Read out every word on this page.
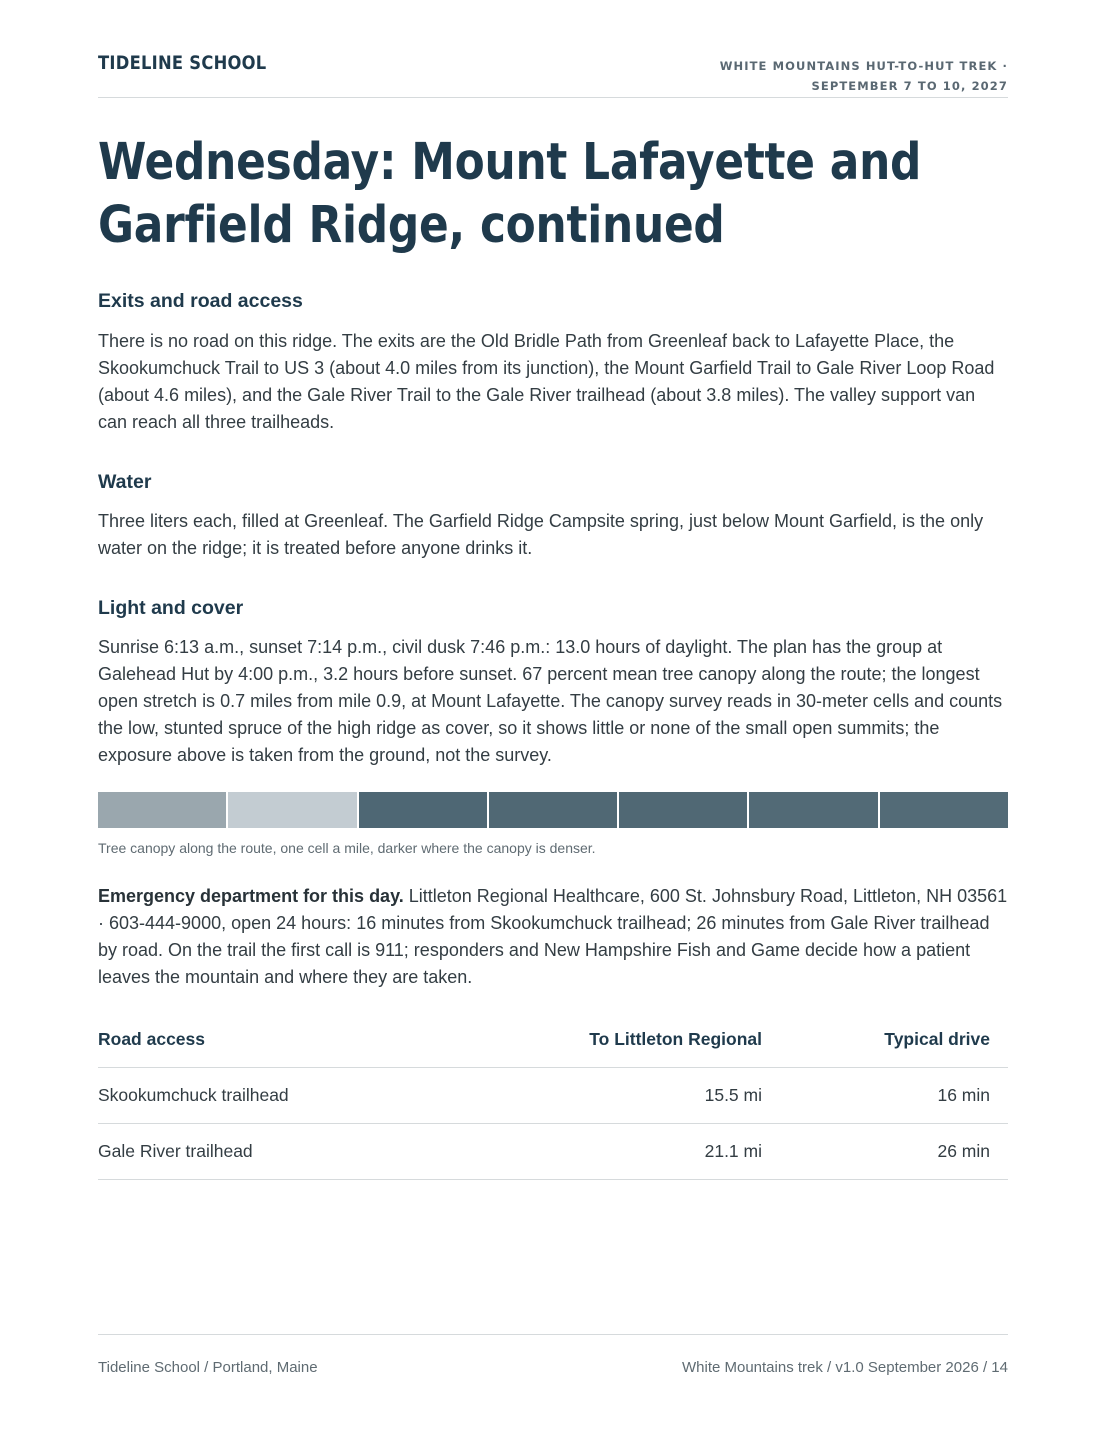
TIDELINE SCHOOL	WHITE MOUNTAINS HUT-TO-HUT TREK ·
SEPTEMBER 7 TO 10, 2027
Wednesday: Mount Lafayette and Garfield Ridge, continued
Exits and road access

There is no road on this ridge. The exits are the Old Bridle Path from Greenleaf back to Lafayette Place, the Skookumchuck Trail to US 3 (about 4.0 miles from its junction), the Mount Garfield Trail to Gale River Loop Road (about 4.6 miles), and the Gale River Trail to the Gale River trailhead (about 3.8 miles). The valley support van can reach all three trailheads.

Water

Three liters each, filled at Greenleaf. The Garfield Ridge Campsite spring, just below Mount Garfield, is the only water on the ridge; it is treated before anyone drinks it.

Light and cover

Sunrise 6:13 a.m., sunset 7:14 p.m., civil dusk 7:46 p.m.: 13.0 hours of daylight. The plan has the group at Galehead Hut by 4:00 p.m., 3.2 hours before sunset. 67 percent mean tree canopy along the route; the longest open stretch is 0.7 miles from mile 0.9, at Mount Lafayette. The canopy survey reads in 30-meter cells and counts the low, stunted spruce of the high ridge as cover, so it shows little or none of the small open summits; the exposure above is taken from the ground, not the survey.

Tree canopy along the route, one cell a mile, darker where the canopy is denser.

Emergency department for this day. Littleton Regional Healthcare, 600 St. Johnsbury Road, Littleton, NH 03561 · 603-444-9000, open 24 hours: 16 minutes from Skookumchuck trailhead; 26 minutes from Gale River trailhead by road. On the trail the first call is 911; responders and New Hampshire Fish and Game decide how a patient leaves the mountain and where they are taken.

Road access	To Littleton Regional	Typical drive
Skookumchuck trailhead	15.5 mi	16 min
Gale River trailhead	21.1 mi	26 min
Tideline School / Portland, Maine	White Mountains trek / v1.0 September 2026 / 14
